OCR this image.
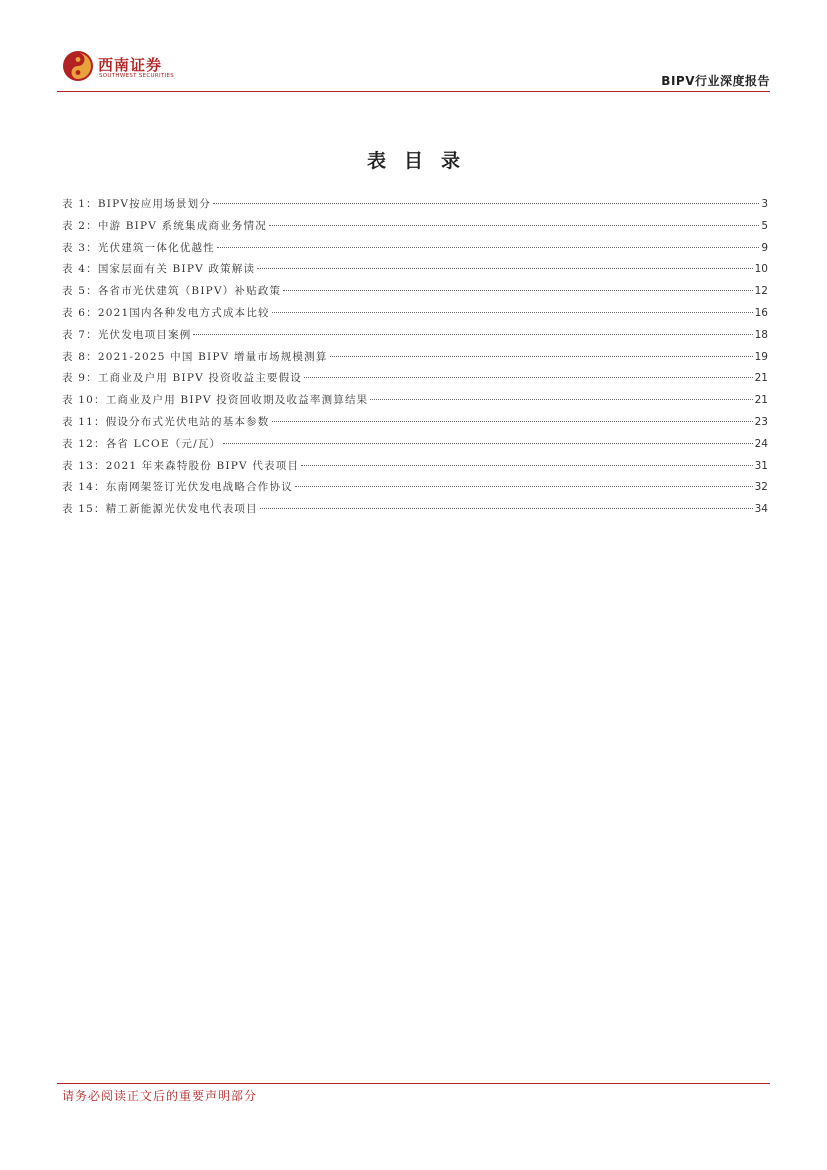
西南证券
SOUTHWEST SECURITIES	BIPV行业深度报告
表目录
表 1：BIPV按应用场景划分	3
表 2：中游 BIPV 系统集成商业务情况	5
表 3：光伏建筑一体化优越性	9
表 4：国家层面有关 BIPV 政策解读	10
表 5：各省市光伏建筑（BIPV）补贴政策	12
表 6：2021国内各种发电方式成本比较	16
表 7：光伏发电项目案例	18
表 8：2021-2025 中国 BIPV 增量市场规模测算	19
表 9：工商业及户用 BIPV 投资收益主要假设	21
表 10：工商业及户用 BIPV 投资回收期及收益率测算结果	21
表 11：假设分布式光伏电站的基本参数	23
表 12：各省 LCOE（元/瓦）	24
表 13：2021 年来森特股份 BIPV 代表项目	31
表 14：东南网架签订光伏发电战略合作协议	32
表 15：精工新能源光伏发电代表项目	34
请务必阅读正文后的重要声明部分
